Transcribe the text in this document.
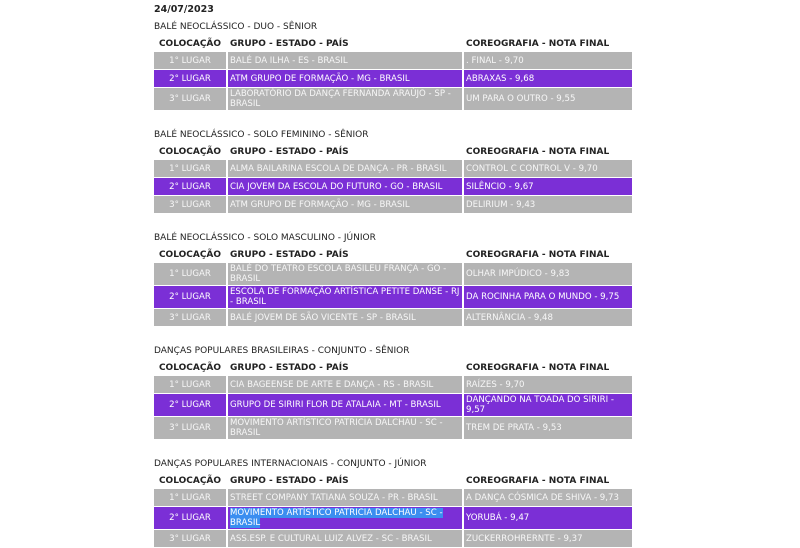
24/07/2023
BALÉ NEOCLÁSSICO - DUO - SÊNIOR
COLOCAÇÃO	GRUPO - ESTADO - PAÍS	COREOGRAFIA - NOTA FINAL
1° LUGAR	BALÉ DA ILHA - ES - BRASIL	. FINAL - 9,70
2° LUGAR	ATM GRUPO DE FORMAÇÃO - MG - BRASIL	ABRAXAS - 9,68
3° LUGAR	LABORATÓRIO DA DANÇA FERNANDA ARAÚJO - SP - BRASIL	UM PARA O OUTRO - 9,55
BALÉ NEOCLÁSSICO - SOLO FEMININO - SÊNIOR
COLOCAÇÃO	GRUPO - ESTADO - PAÍS	COREOGRAFIA - NOTA FINAL
1° LUGAR	ALMA BAILARINA ESCOLA DE DANÇA - PR - BRASIL	CONTROL C CONTROL V - 9,70
2° LUGAR	CIA JOVEM DA ESCOLA DO FUTURO - GO - BRASIL	SILÊNCIO - 9,67
3° LUGAR	ATM GRUPO DE FORMAÇÃO - MG - BRASIL	DELIRIUM - 9,43
BALÉ NEOCLÁSSICO - SOLO MASCULINO - JÚNIOR
COLOCAÇÃO	GRUPO - ESTADO - PAÍS	COREOGRAFIA - NOTA FINAL
1° LUGAR	BALÉ DO TEATRO ESCOLA BASILEU FRANÇA - GO - BRASIL	OLHAR IMPÚDICO - 9,83
2° LUGAR	ESCOLA DE FORMAÇÃO ARTÍSTICA PETITE DANSE - RJ - BRASIL	DA ROCINHA PARA O MUNDO - 9,75
3° LUGAR	BALÉ JOVEM DE SÃO VICENTE - SP - BRASIL	ALTERNÂNCIA - 9,48
DANÇAS POPULARES BRASILEIRAS - CONJUNTO - SÊNIOR
COLOCAÇÃO	GRUPO - ESTADO - PAÍS	COREOGRAFIA - NOTA FINAL
1° LUGAR	CIA BAGEENSE DE ARTE E DANÇA - RS - BRASIL	RAÍZES - 9,70
2° LUGAR	GRUPO DE SIRIRI FLOR DE ATALAIA - MT - BRASIL	DANÇANDO NA TOADA DO SIRIRI - 9,57
3° LUGAR	MOVIMENTO ARTÍSTICO PATRICIA DALCHAU - SC - BRASIL	TREM DE PRATA - 9,53
DANÇAS POPULARES INTERNACIONAIS - CONJUNTO - JÚNIOR
COLOCAÇÃO	GRUPO - ESTADO - PAÍS	COREOGRAFIA - NOTA FINAL
1° LUGAR	STREET COMPANY TATIANA SOUZA - PR - BRASIL	A DANÇA CÓSMICA DE SHIVA - 9,73
2° LUGAR	MOVIMENTO ARTÍSTICO PATRICIA DALCHAU - SC - BRASIL	YORUBÁ - 9,47
3° LUGAR	ASS.ESP. E CULTURAL LUIZ ALVEZ - SC - BRASIL	ZUCKERROHRERNTE - 9,37
